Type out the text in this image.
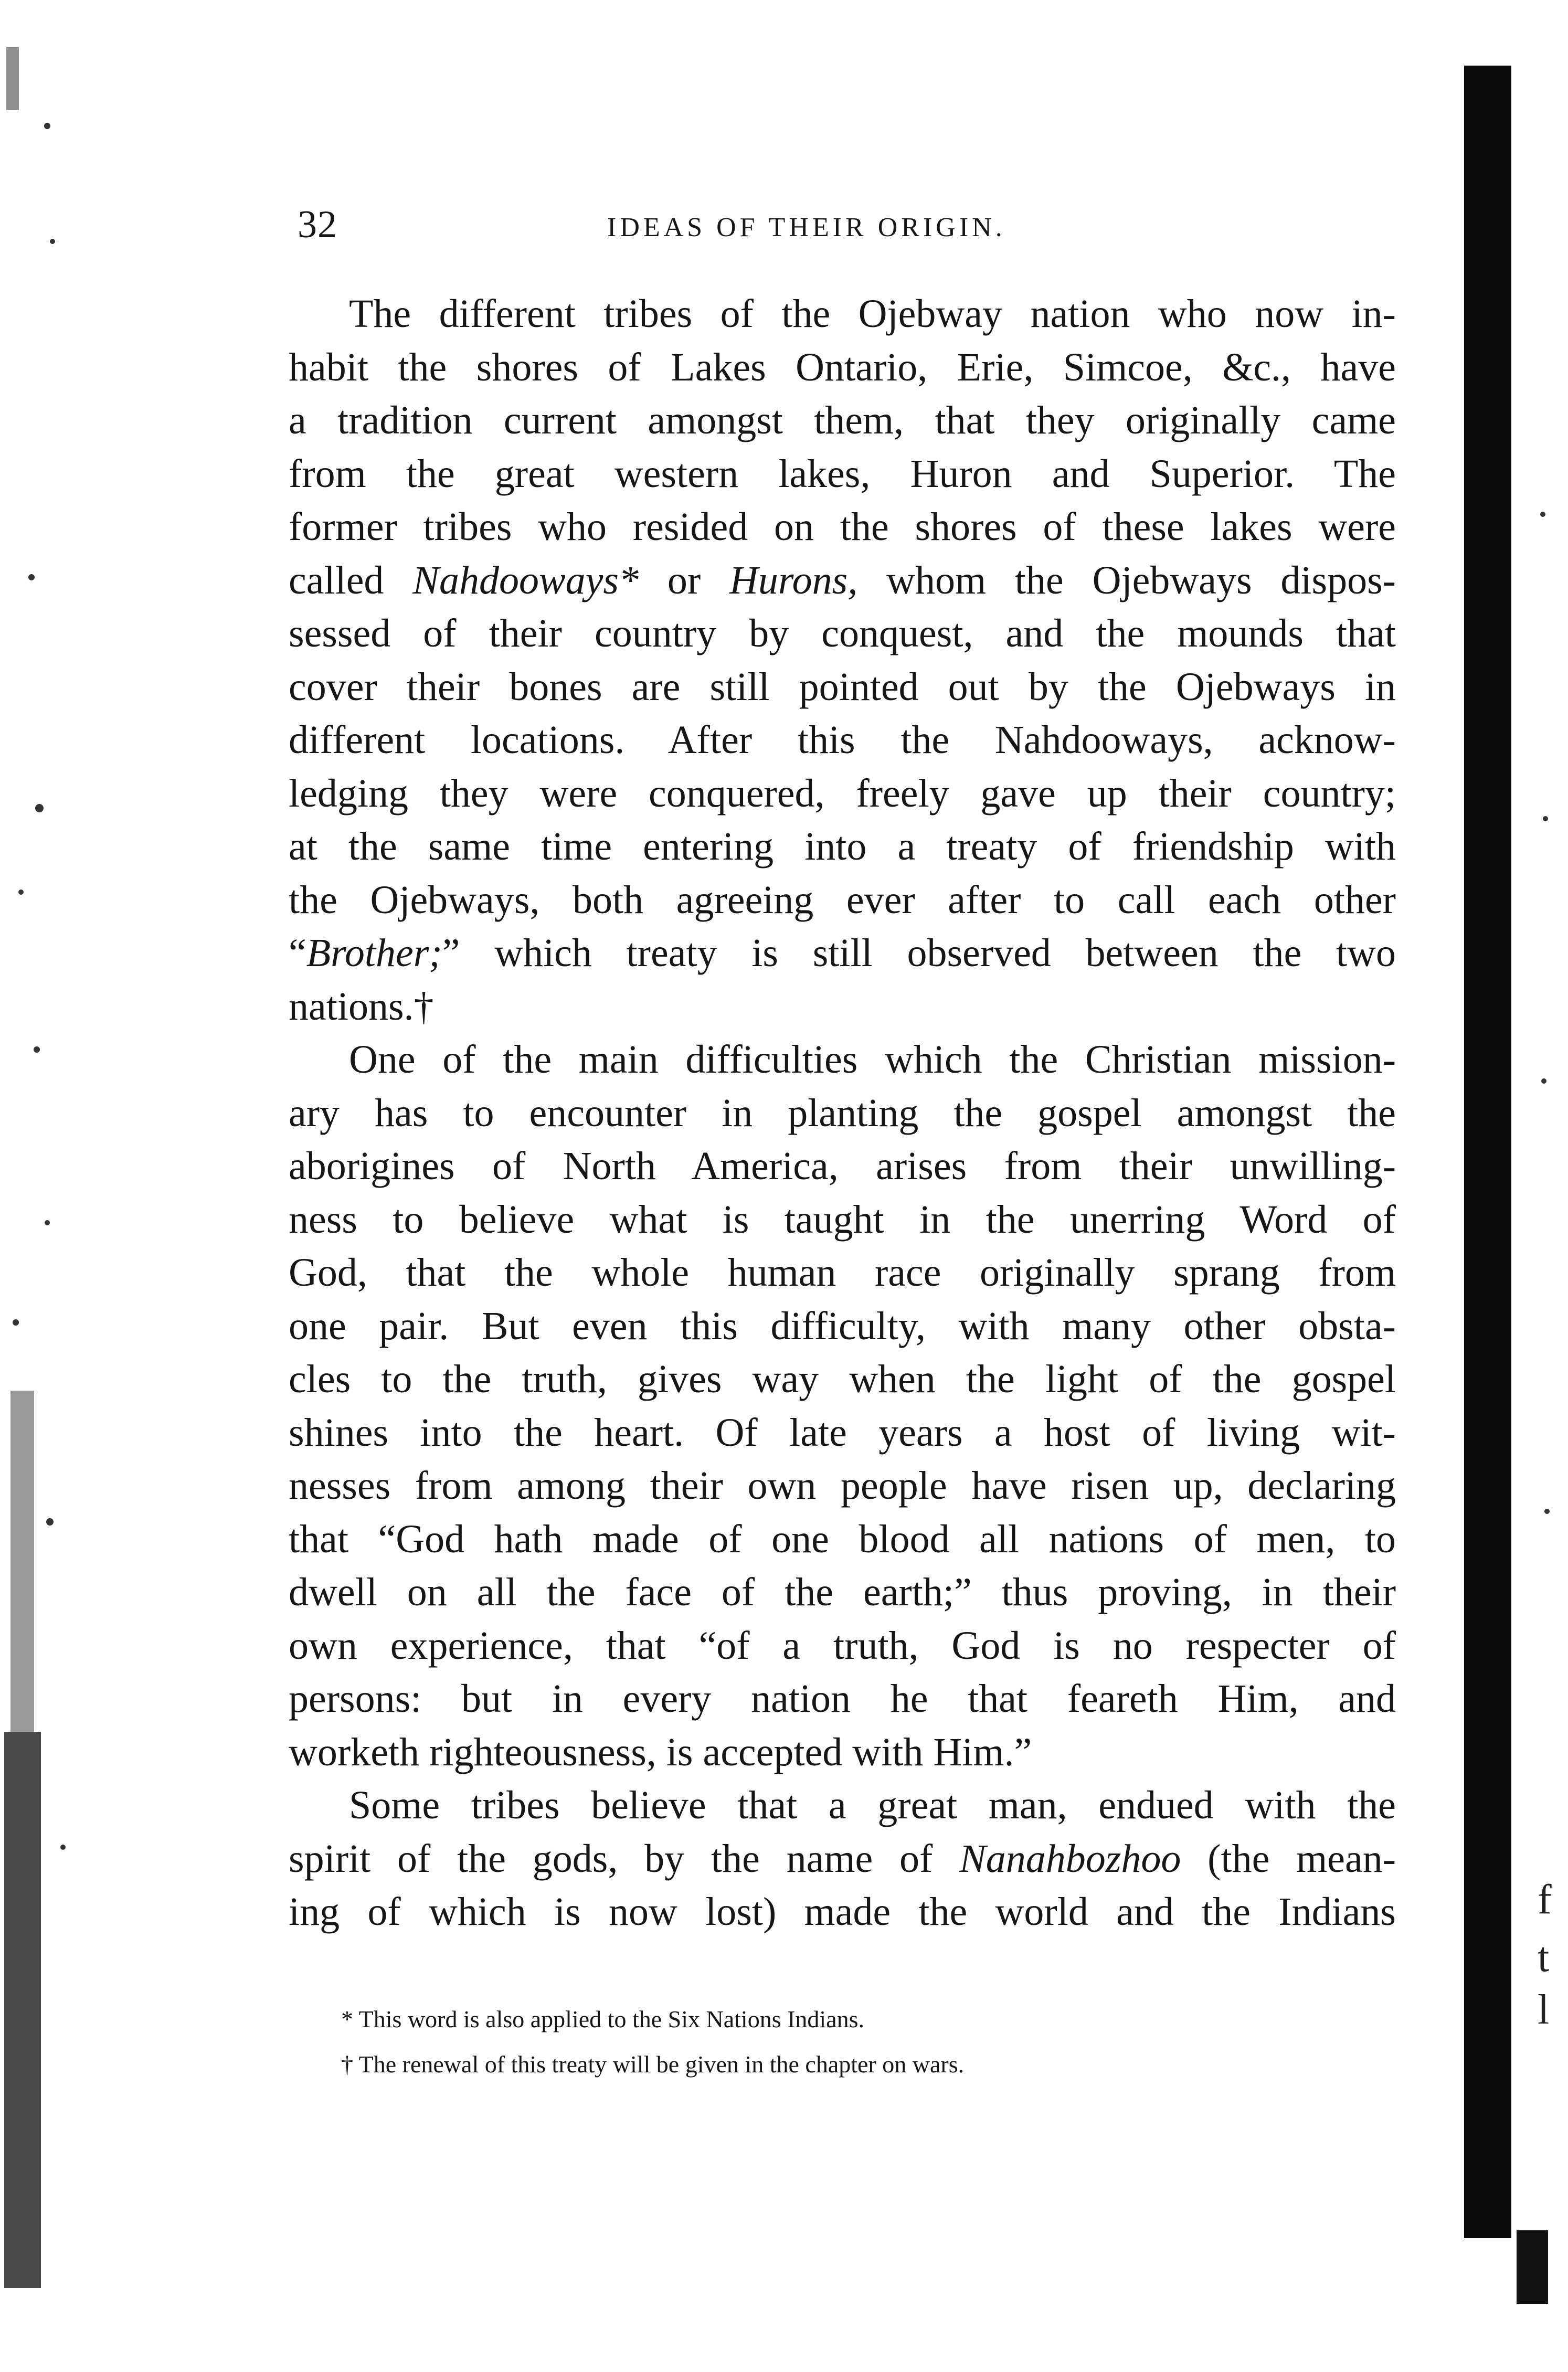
f
t
l
32	IDEAS OF THEIR ORIGIN.
The different tribes of the Ojebway nation who now in-
habit the shores of Lakes Ontario, Erie, Simcoe, &c., have
a tradition current amongst them, that they originally came
from the great western lakes, Huron and Superior. The
former tribes who resided on the shores of these lakes were
called Nahdooways* or Hurons, whom the Ojebways dispos-
sessed of their country by conquest, and the mounds that
cover their bones are still pointed out by the Ojebways in
different locations. After this the Nahdooways, acknow-
ledging they were conquered, freely gave up their country;
at the same time entering into a treaty of friendship with
the Ojebways, both agreeing ever after to call each other
“Brother;” which treaty is still observed between the two
nations.†
One of the main difficulties which the Christian mission-
ary has to encounter in planting the gospel amongst the
aborigines of North America, arises from their unwilling-
ness to believe what is taught in the unerring Word of
God, that the whole human race originally sprang from
one pair. But even this difficulty, with many other obsta-
cles to the truth, gives way when the light of the gospel
shines into the heart. Of late years a host of living wit-
nesses from among their own people have risen up, declaring
that “God hath made of one blood all nations of men, to
dwell on all the face of the earth;” thus proving, in their
own experience, that “of a truth, God is no respecter of
persons: but in every nation he that feareth Him, and
worketh righteousness, is accepted with Him.”
Some tribes believe that a great man, endued with the
spirit of the gods, by the name of Nanahbozhoo (the mean-
ing of which is now lost) made the world and the Indians
* This word is also applied to the Six Nations Indians.
† The renewal of this treaty will be given in the chapter on wars.
